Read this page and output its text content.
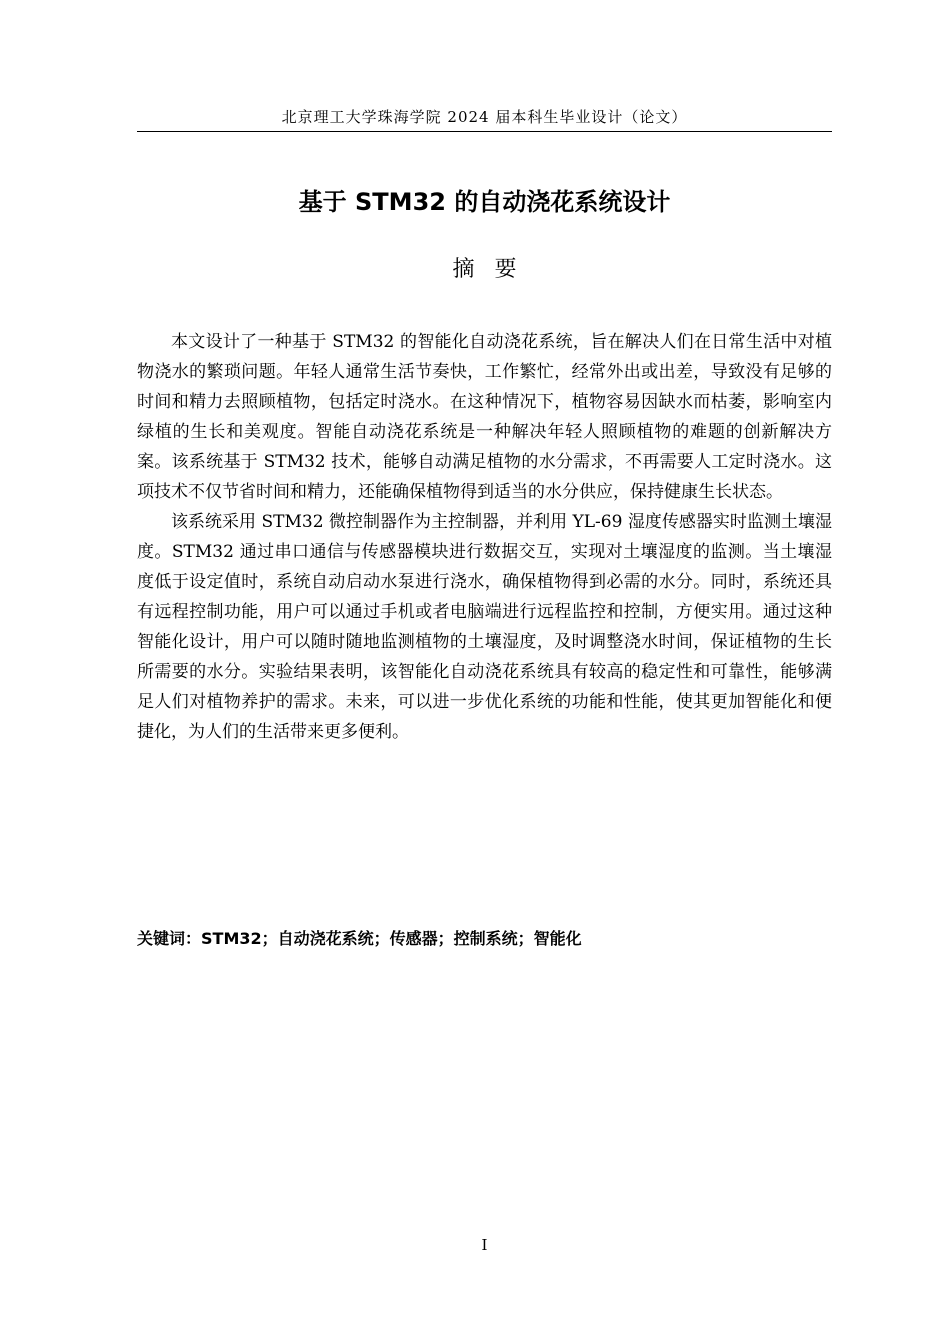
北京理工大学珠海学院 2024 届本科生毕业设计（论文）
基于 STM32 的自动浇花系统设计
摘要

本文设计了一种基于 STM32 的智能化自动浇花系统，旨在解决人们在日常生活中对植物浇水的繁琐问题。年轻人通常生活节奏快，工作繁忙，经常外出或出差，导致没有足够的时间和精力去照顾植物，包括定时浇水。在这种情况下，植物容易因缺水而枯萎，影响室内绿植的生长和美观度。智能自动浇花系统是一种解决年轻人照顾植物的难题的创新解决方案。该系统基于 STM32 技术，能够自动满足植物的水分需求，不再需要人工定时浇水。这项技术不仅节省时间和精力，还能确保植物得到适当的水分供应，保持健康生长状态。

该系统采用 STM32 微控制器作为主控制器，并利用 YL-69 湿度传感器实时监测土壤湿度。STM32 通过串口通信与传感器模块进行数据交互，实现对土壤湿度的监测。当土壤湿度低于设定值时，系统自动启动水泵进行浇水，确保植物得到必需的水分。同时，系统还具有远程控制功能，用户可以通过手机或者电脑端进行远程监控和控制，方便实用。通过这种智能化设计，用户可以随时随地监测植物的土壤湿度，及时调整浇水时间，保证植物的生长所需要的水分。实验结果表明，该智能化自动浇花系统具有较高的稳定性和可靠性，能够满足人们对植物养护的需求。未来，可以进一步优化系统的功能和性能，使其更加智能化和便捷化，为人们的生活带来更多便利。

关键词：STM32；自动浇花系统；传感器；控制系统；智能化
I
